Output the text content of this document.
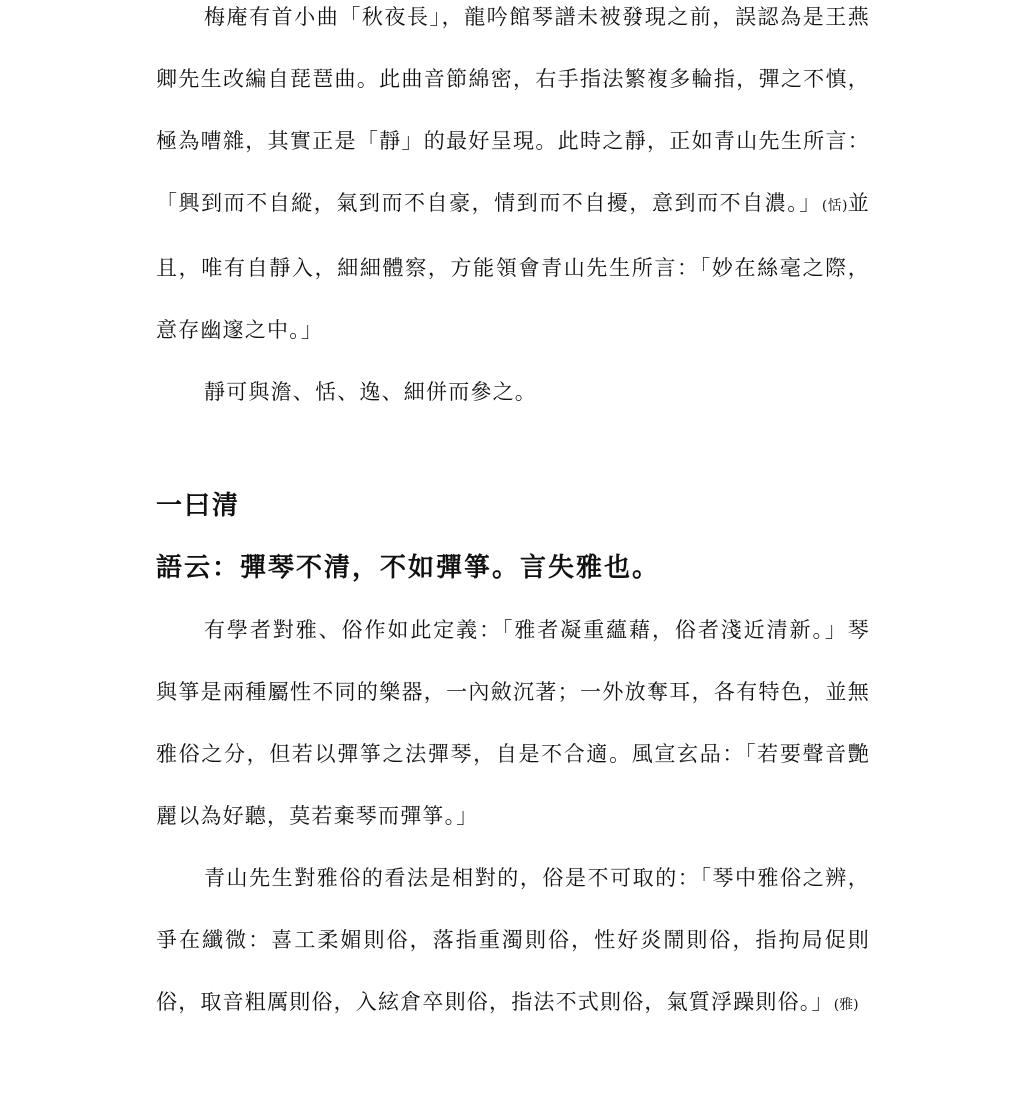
梅庵有首小曲「秋夜長」，龍吟館琴譜未被發現之前，誤認為是王燕卿先生改編自琵琶曲。此曲音節綿密，右手指法繁複多輪指，彈之不慎，極為嘈雜，其實正是「靜」的最好呈現。此時之靜，正如青山先生所言：「興到而不自縱，氣到而不自豪，情到而不自擾，意到而不自濃。」(恬)並且，唯有自靜入，細細體察，方能領會青山先生所言：「妙在絲毫之際，意存幽邃之中。」

靜可與澹、恬、逸、細併而參之。

一曰清
語云：彈琴不清，不如彈箏。言失雅也。

有學者對雅、俗作如此定義：「雅者凝重蘊藉，俗者淺近清新。」琴與箏是兩種屬性不同的樂器，一內斂沉著；一外放奪耳，各有特色，並無雅俗之分，但若以彈箏之法彈琴，自是不合適。風宣玄品：「若要聲音艷麗以為好聽，莫若棄琴而彈箏。」

青山先生對雅俗的看法是相對的，俗是不可取的：「琴中雅俗之辨，爭在纖微：喜工柔媚則俗，落指重濁則俗，性好炎鬧則俗，指拘局促則俗，取音粗厲則俗，入絃倉卒則俗，指法不式則俗，氣質浮躁則俗。」(雅)
